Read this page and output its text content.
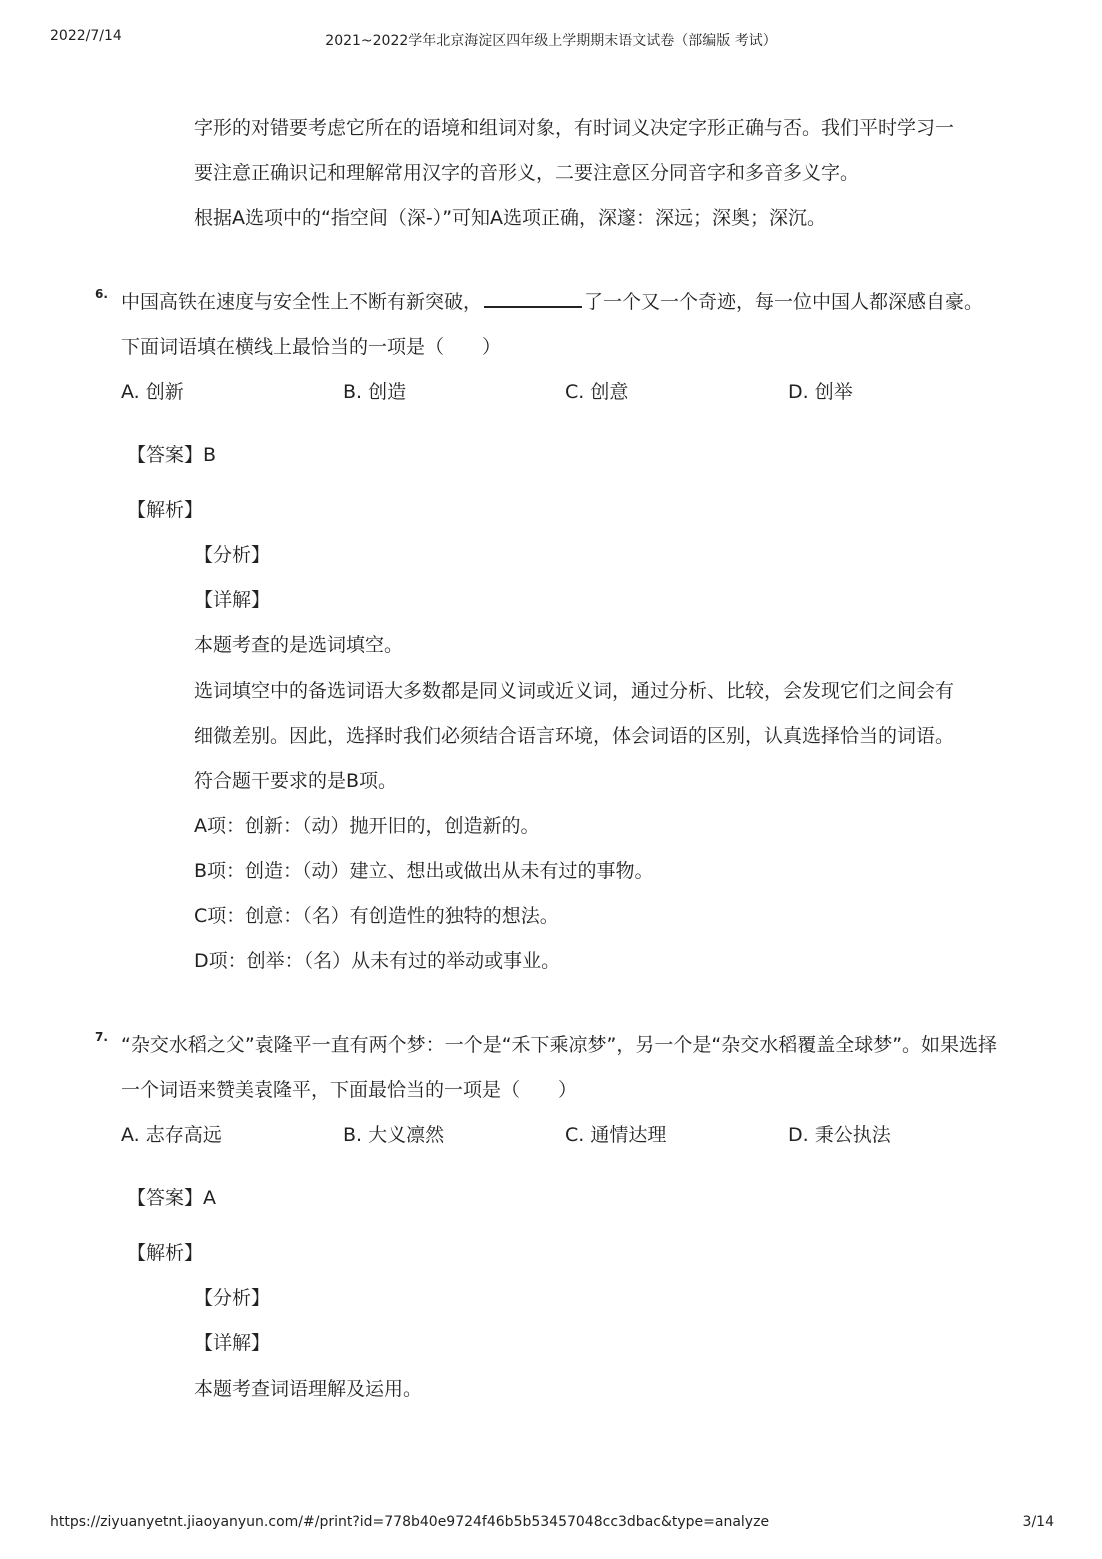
2022/7/14	2021~2022学年北京海淀区四年级上学期期末语文试卷（部编版 考试）
字形的对错要考虑它所在的语境和组词对象，有时词义决定字形正确与否。我们平时学习一
要注意正确识记和理解常用汉字的音形义，二要注意区分同音字和多音多义字。
根据A选项中的“指空间（深-）”可知A选项正确，深邃：深远；深奥；深沉。
6. 中国高铁在速度与安全性上不断有新突破，	了一个又一个奇迹，每一位中国人都深感自豪。
下面词语填在横线上最恰当的一项是（　　）
A. 创新	B. 创造	C. 创意	D. 创举
【答案】B
【解析】
【分析】
【详解】
本题考查的是选词填空。
选词填空中的备选词语大多数都是同义词或近义词，通过分析、比较，会发现它们之间会有
细微差别。因此，选择时我们必须结合语言环境，体会词语的区别，认真选择恰当的词语。
符合题干要求的是B项。
A项：创新：（动）抛开旧的，创造新的。
B项：创造：（动）建立、想出或做出从未有过的事物。
C项：创意：（名）有创造性的独特的想法。
D项：创举：（名）从未有过的举动或事业。
7. “杂交水稻之父”袁隆平一直有两个梦：一个是“禾下乘凉梦”，另一个是“杂交水稻覆盖全球梦”。如果选择
一个词语来赞美袁隆平，下面最恰当的一项是（　　）
A. 志存高远	B. 大义凛然	C. 通情达理	D. 秉公执法
【答案】A
【解析】
【分析】
【详解】
本题考查词语理解及运用。
https://ziyuanyetnt.jiaoyanyun.com/#/print?id=778b40e9724f46b5b53457048cc3dbac&type=analyze	3/14
